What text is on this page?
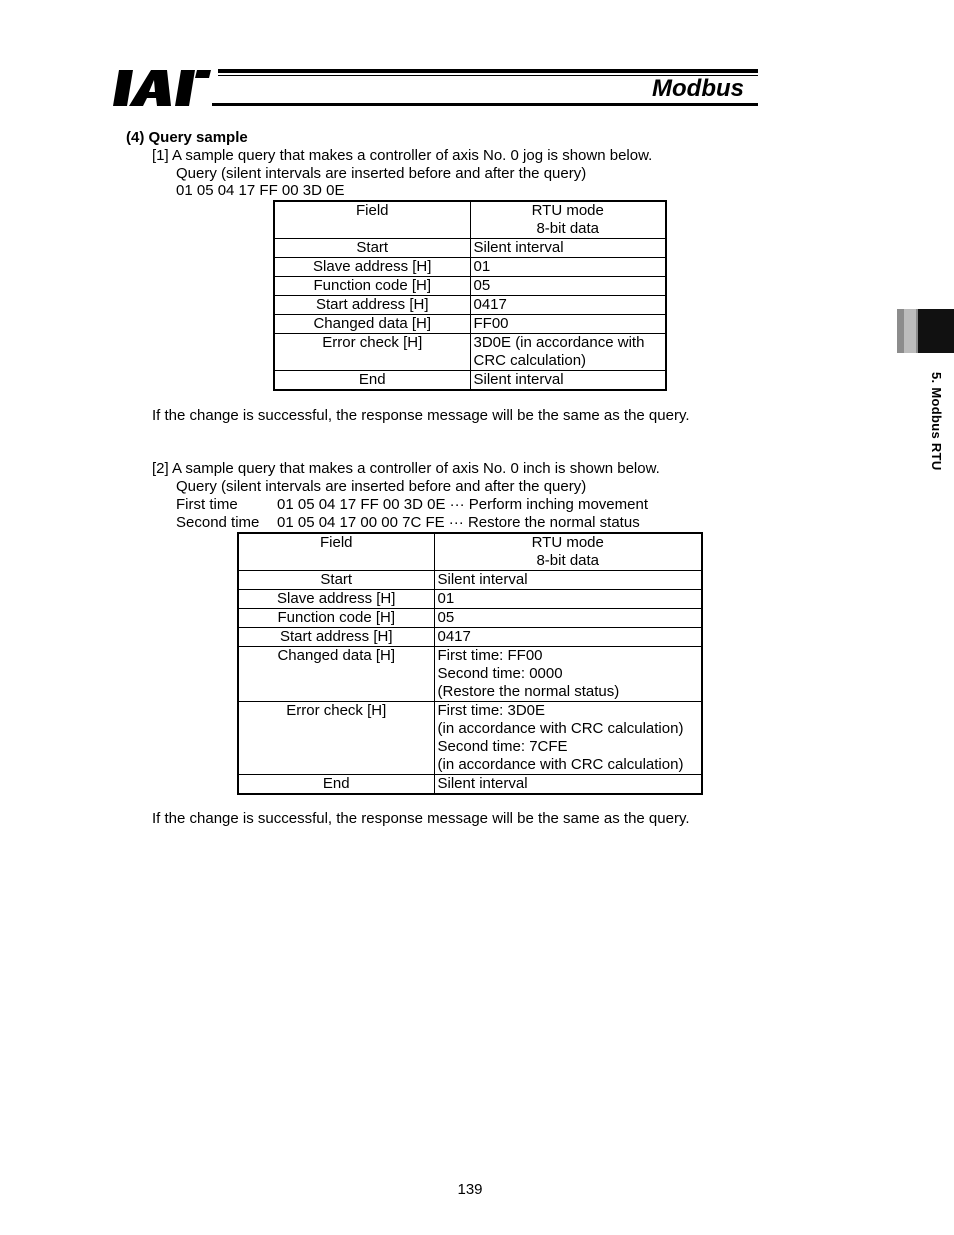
Modbus
5. Modbus RTU
(4) Query sample
[1] A sample query that makes a controller of axis No. 0 jog is shown below.
Query (silent intervals are inserted before and after the query)
01 05 04 17 FF 00 3D 0E
Field	RTU mode
8-bit data

Start	Silent interval
Slave address [H]	01
Function code [H]	05
Start address [H]	0417
Changed data [H]	FF00
Error check [H]	3D0E (in accordance with
CRC calculation)

End	Silent interval
If the change is successful, the response message will be the same as the query.
[2] A sample query that makes a controller of axis No. 0 inch is shown below.
Query (silent intervals are inserted before and after the query)
First time	01 05 04 17 FF 00 3D 0E ··· Perform inching movement
Second time 01 05 04 17 00 00 7C FE ··· Restore the normal status
Field	RTU mode
8-bit data

Start	Silent interval
Slave address [H]	01
Function code [H]	05
Start address [H]	0417
Changed data [H]	First time: FF00
Second time: 0000
(Restore the normal status)

Error check [H]	First time: 3D0E
(in accordance with CRC calculation)
Second time: 7CFE
(in accordance with CRC calculation)

End	Silent interval
If the change is successful, the response message will be the same as the query.
139
